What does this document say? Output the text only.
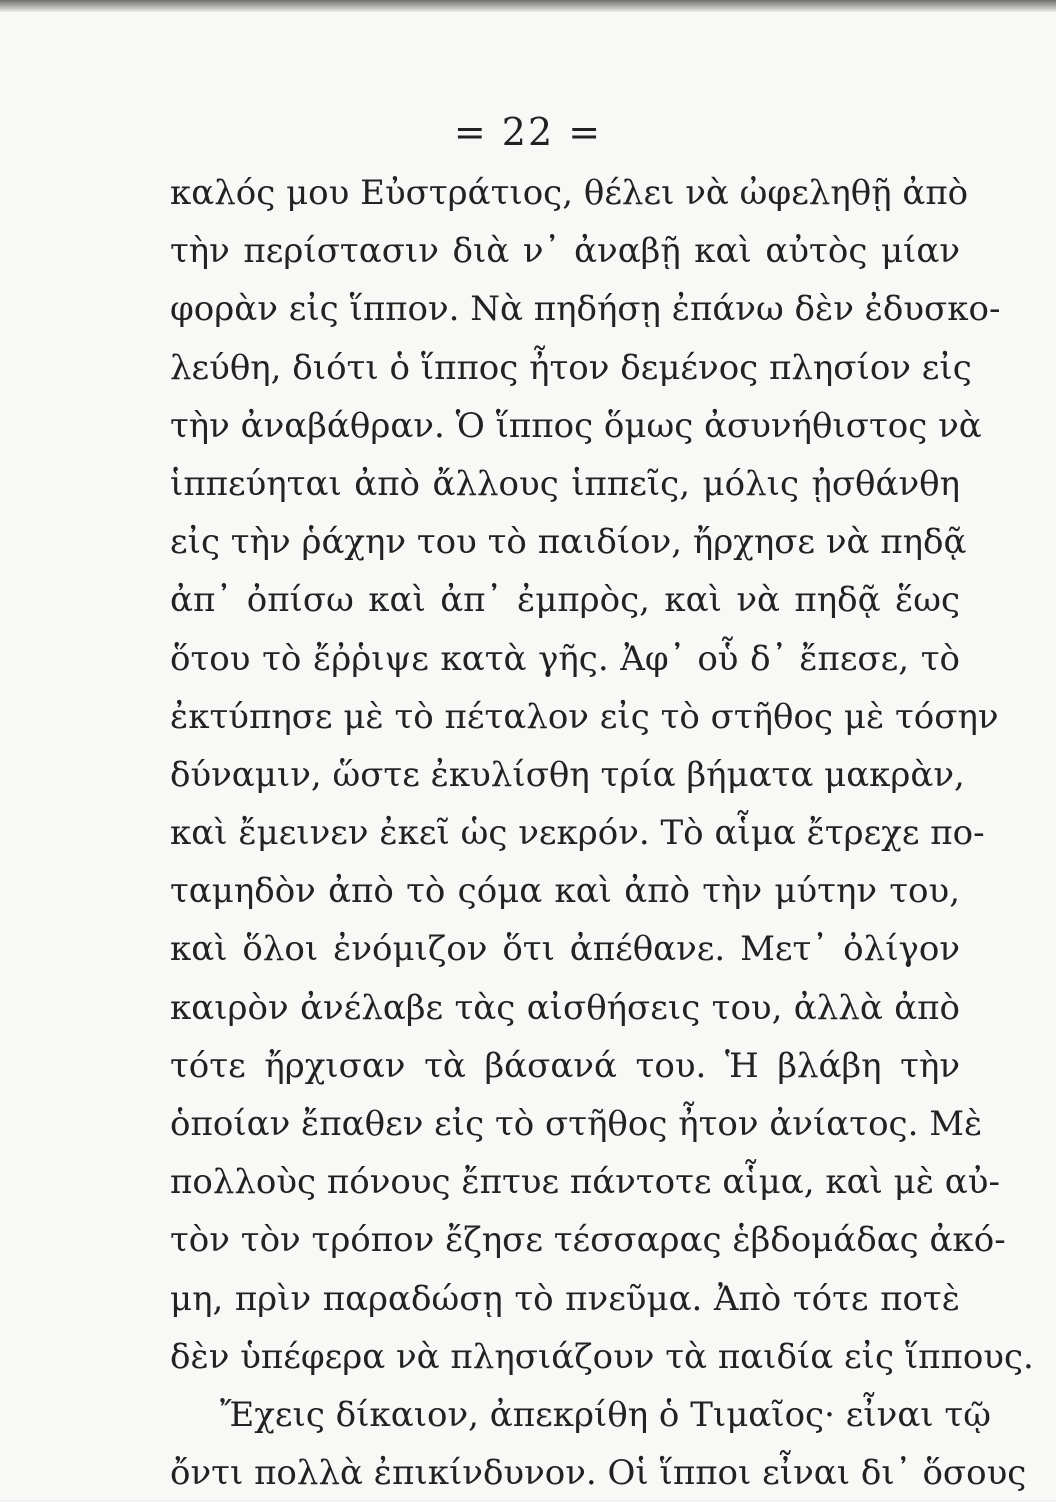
= 22 =
καλός μου Εὐστράτιος, θέλει νὰ ὠφεληθῇ ἀπὸ
τὴν περίστασιν διὰ ν᾽ ἀναβῇ καὶ αὐτὸς μίαν
φορὰν εἰς ἵππον. Νὰ πηδήσῃ ἐπάνω δὲν ἐδυσκο-
λεύθη, διότι ὁ ἵππος ἦτον δεμένος πλησίον εἰς
τὴν ἀναβάθραν. Ὁ ἵππος ὅμως ἀσυνήθιστος νὰ
ἱππεύηται ἀπὸ ἄλλους ἱππεῖς, μόλις ᾐσθάνθη
εἰς τὴν ῥάχην του τὸ παιδίον, ἤρχησε νὰ πηδᾷ
ἀπ᾽ ὀπίσω καὶ ἀπ᾽ ἐμπρὸς, καὶ νὰ πηδᾷ ἕως
ὅτου τὸ ἔῤῥιψε κατὰ γῆς. Ἀφ᾽ οὗ δ᾽ ἔπεσε, τὸ
ἐκτύπησε μὲ τὸ πέταλον εἰς τὸ στῆθος μὲ τόσην
δύναμιν, ὥστε ἐκυλίσθη τρία βήματα μακρὰν,
καὶ ἔμεινεν ἐκεῖ ὡς νεκρόν. Τὸ αἷμα ἔτρεχε πο-
ταμηδὸν ἀπὸ τὸ ςόμα καὶ ἀπὸ τὴν μύτην του,
καὶ ὅλοι ἐνόμιζον ὅτι ἀπέθανε. Μετ᾽ ὀλίγον
καιρὸν ἀνέλαβε τὰς αἰσθήσεις του, ἀλλὰ ἀπὸ
τότε ἤρχισαν τὰ βάσανά του. Ἡ βλάβη τὴν
ὁποίαν ἔπαθεν εἰς τὸ στῆθος ἦτον ἀνίατος. Μὲ
πολλοὺς πόνους ἔπτυε πάντοτε αἷμα, καὶ μὲ αὐ-
τὸν τὸν τρόπον ἔζησε τέσσαρας ἑβδομάδας ἀκό-
μη, πρὶν παραδώσῃ τὸ πνεῦμα. Ἀπὸ τότε ποτὲ
δὲν ὑπέφερα νὰ πλησιάζουν τὰ παιδία εἰς ἵππους.
Ἔχεις δίκαιον, ἀπεκρίθη ὁ Τιμαῖος· εἶναι τῷ
ὄντι πολλὰ ἐπικίνδυνον. Οἱ ἵπποι εἶναι δι᾽ ὅσους
